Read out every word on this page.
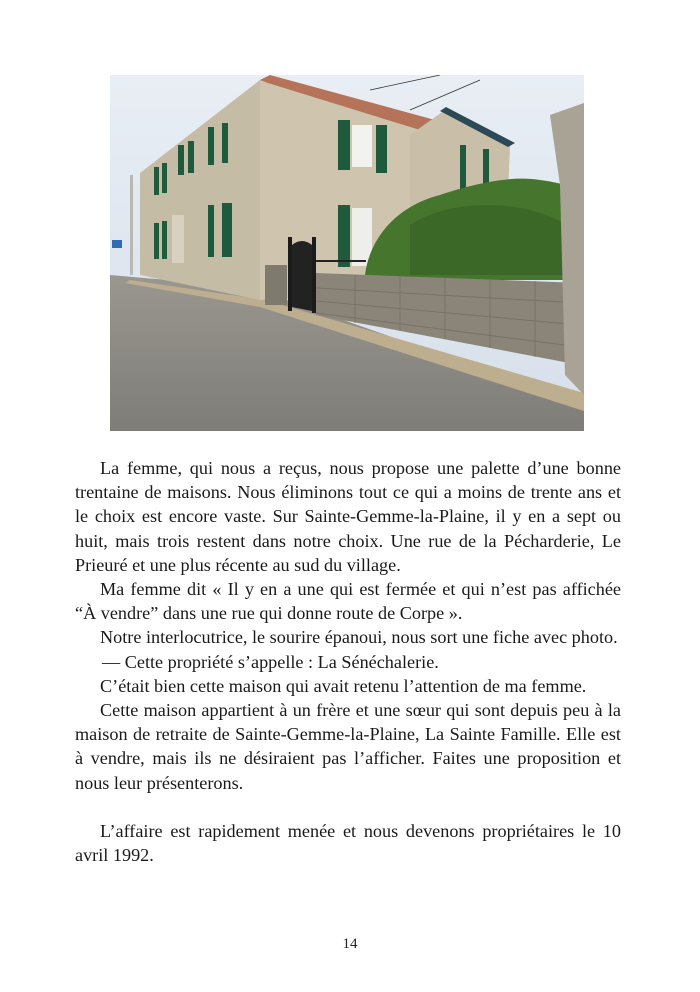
La femme, qui nous a reçus, nous propose une palette d’une bonne trentaine de maisons. Nous éliminons tout ce qui a moins de trente ans et le choix est encore vaste. Sur Sainte-Gemme-la-Plaine, il y en a sept ou huit, mais trois restent dans notre choix. Une rue de la Pécharderie, Le Prieuré et une plus récente au sud du village.

Ma femme dit « Il y en a une qui est fermée et qui n’est pas affichée “À vendre” dans une rue qui donne route de Corpe ».

Notre interlocutrice, le sourire épanoui, nous sort une fiche avec photo.

— Cette propriété s’appelle : La Sénéchalerie.

C’était bien cette maison qui avait retenu l’attention de ma femme.

Cette maison appartient à un frère et une sœur qui sont depuis peu à la maison de retraite de Sainte-Gemme-la-Plaine, La Sainte Famille. Elle est à vendre, mais ils ne désiraient pas l’afficher. Faites une proposition et nous leur présenterons.

L’affaire est rapidement menée et nous devenons propriétaires le 10 avril 1992.

14
